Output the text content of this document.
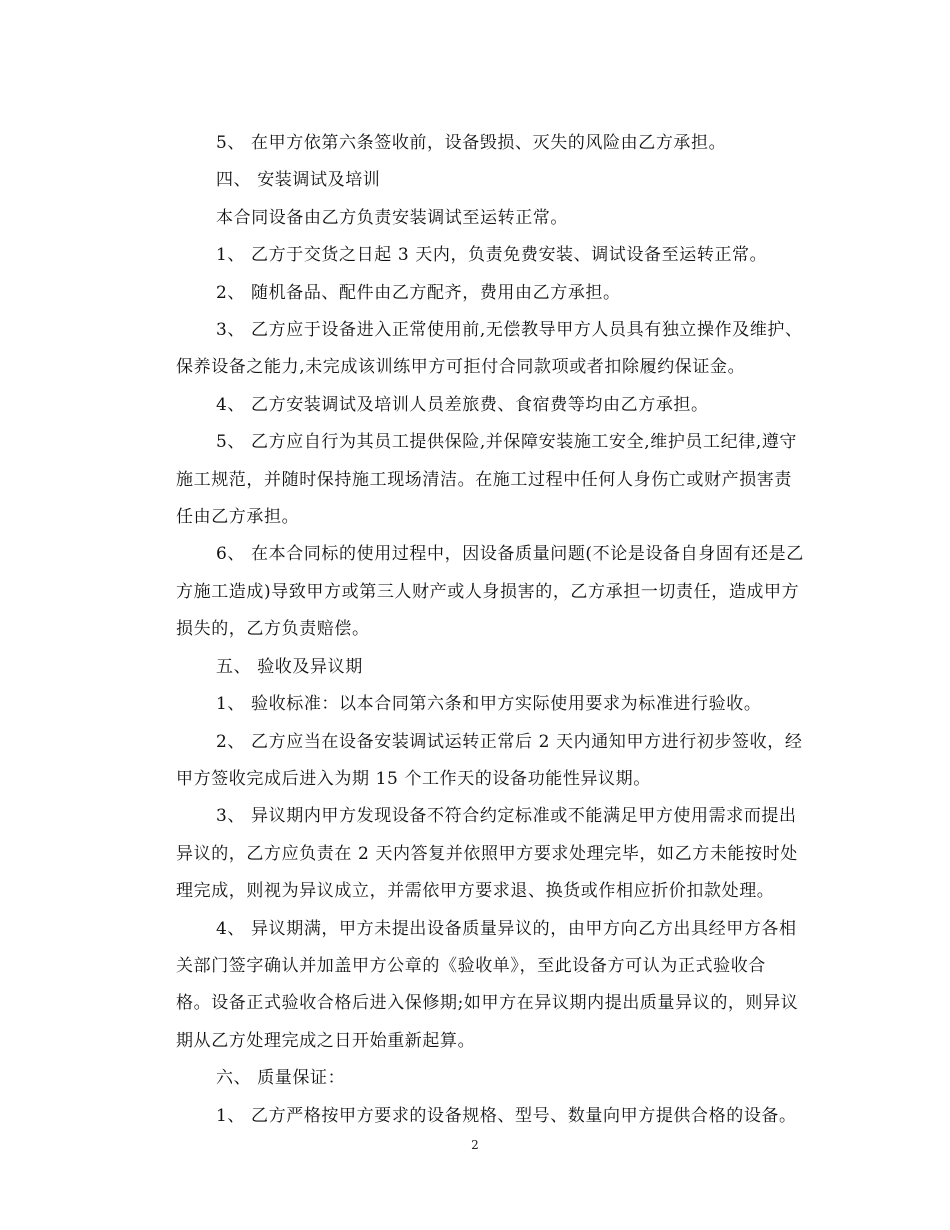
5、 在甲方依第六条签收前，设备毁损、灭失的风险由乙方承担。
四、 安装调试及培训
本合同设备由乙方负责安装调试至运转正常。
1、 乙方于交货之日起 3 天内，负责免费安装、调试设备至运转正常。
2、 随机备品、配件由乙方配齐，费用由乙方承担。
3、 乙方应于设备进入正常使用前,无偿教导甲方人员具有独立操作及维护、
保养设备之能力,未完成该训练甲方可拒付合同款项或者扣除履约保证金。
4、 乙方安装调试及培训人员差旅费、食宿费等均由乙方承担。
5、 乙方应自行为其员工提供保险,并保障安装施工安全,维护员工纪律,遵守
施工规范，并随时保持施工现场清洁。在施工过程中任何人身伤亡或财产损害责
任由乙方承担。
6、 在本合同标的使用过程中，因设备质量问题(不论是设备自身固有还是乙
方施工造成)导致甲方或第三人财产或人身损害的，乙方承担一切责任，造成甲方
损失的，乙方负责赔偿。
五、 验收及异议期
1、 验收标准：以本合同第六条和甲方实际使用要求为标准进行验收。
2、 乙方应当在设备安装调试运转正常后 2 天内通知甲方进行初步签收，经
甲方签收完成后进入为期 15 个工作天的设备功能性异议期。
3、 异议期内甲方发现设备不符合约定标准或不能满足甲方使用需求而提出
异议的，乙方应负责在 2 天内答复并依照甲方要求处理完毕，如乙方未能按时处
理完成，则视为异议成立，并需依甲方要求退、换货或作相应折价扣款处理。
4、 异议期满，甲方未提出设备质量异议的，由甲方向乙方出具经甲方各相
关部门签字确认并加盖甲方公章的《验收单》，至此设备方可认为正式验收合
格。设备正式验收合格后进入保修期;如甲方在异议期内提出质量异议的，则异议
期从乙方处理完成之日开始重新起算。
六、 质量保证：
1、 乙方严格按甲方要求的设备规格、型号、数量向甲方提供合格的设备。
2
